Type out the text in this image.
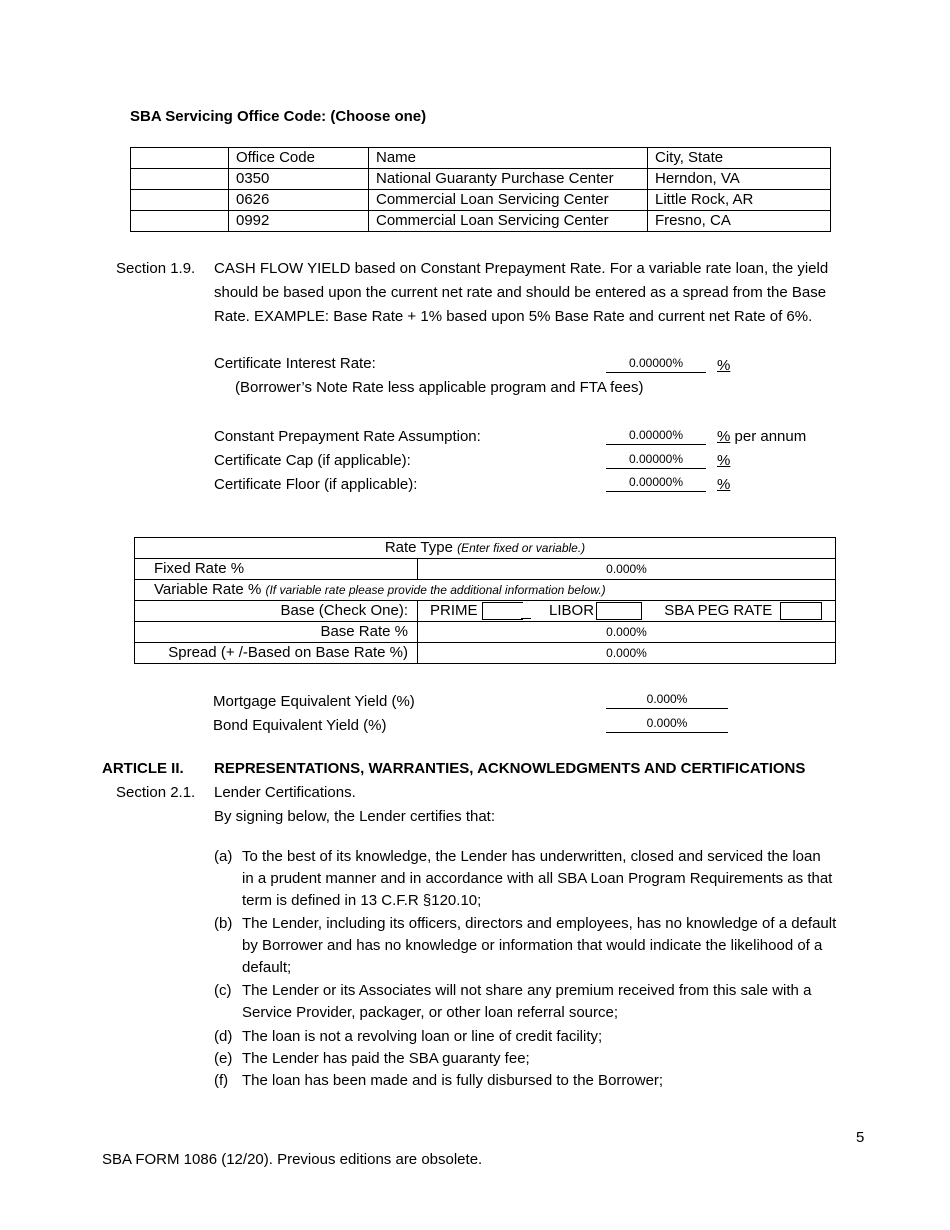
SBA Servicing Office Code: (Choose one)
	Office Code	Name	City, State
	0350	National Guaranty Purchase Center	Herndon, VA
	0626	Commercial Loan Servicing Center	Little Rock, AR
	0992	Commercial Loan Servicing Center	Fresno, CA
Section 1.9. CASH FLOW YIELD based on Constant Prepayment Rate. For a variable rate loan, the yield
should be based upon the current net rate and should be entered as a spread from the Base
Rate. EXAMPLE: Base Rate + 1% based upon 5% Base Rate and current net Rate of 6%.
Certificate Interest Rate:	0.00000%	%
(Borrower’s Note Rate less applicable program and FTA fees)
Constant Prepayment Rate Assumption:	0.00000%	% per annum
Certificate Cap (if applicable):	0.00000%	%
Certificate Floor (if applicable):	0.00000%	%
Rate Type (Enter fixed or variable.)	
Fixed Rate %	0.000%
Variable Rate % (If variable rate please provide the additional information below.)	
Base (Check One):	PRIME LIBOR SBA PEG RATE
Base Rate %	0.000%
Spread (+ /-Based on Base Rate %)	0.000%
Mortgage Equivalent Yield (%)	0.000%
Bond Equivalent Yield (%)	0.000%
ARTICLE II. REPRESENTATIONS, WARRANTIES, ACKNOWLEDGMENTS AND CERTIFICATIONS
Section 2.1. Lender Certifications.
By signing below, the Lender certifies that:
(a) To the best of its knowledge, the Lender has underwritten, closed and serviced the loan
in a prudent manner and in accordance with all SBA Loan Program Requirements as that
term is defined in 13 C.F.R §120.10;
(b) The Lender, including its officers, directors and employees, has no knowledge of a default
by Borrower and has no knowledge or information that would indicate the likelihood of a
default;
(c) The Lender or its Associates will not share any premium received from this sale with a
Service Provider, packager, or other loan referral source;
(d) The loan is not a revolving loan or line of credit facility;
(e) The Lender has paid the SBA guaranty fee;
(f) The loan has been made and is fully disbursed to the Borrower;
5
SBA FORM 1086 (12/20). Previous editions are obsolete.
